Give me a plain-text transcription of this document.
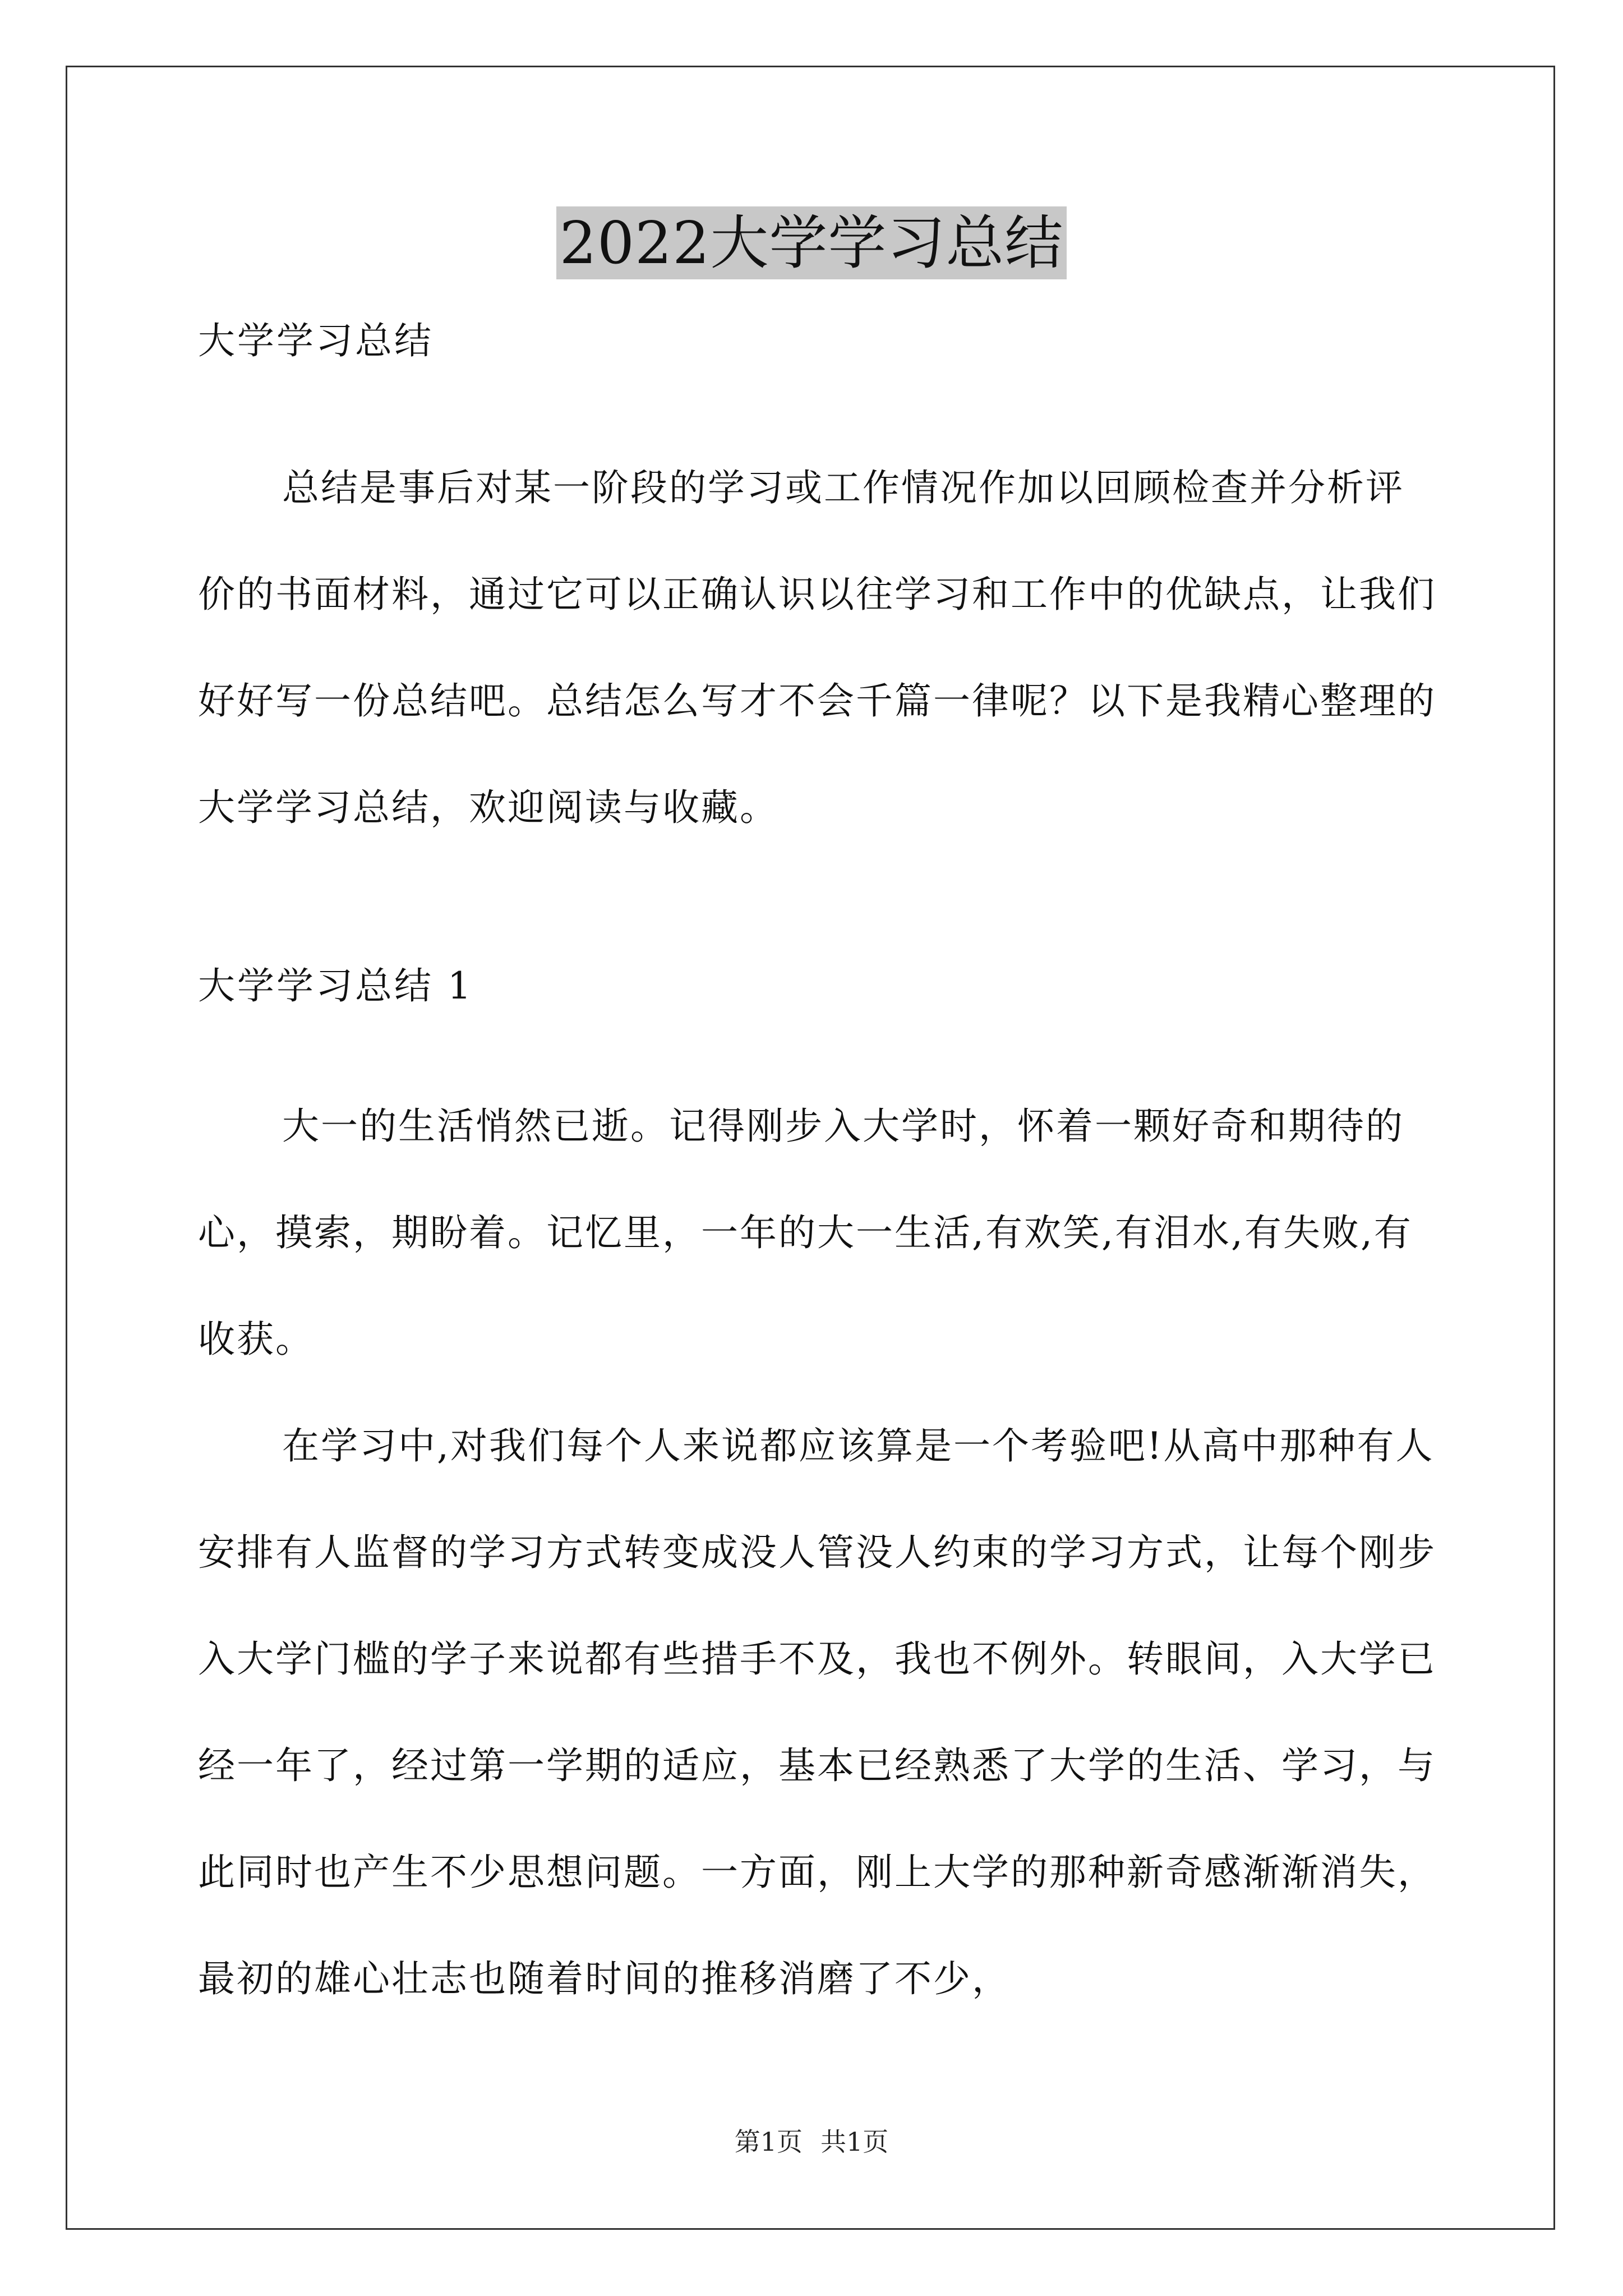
2022大学学习总结
大学学习总结

总结是事后对某一阶段的学习或工作情况作加以回顾检查并分析评价的书面材料，通过它可以正确认识以往学习和工作中的优缺点，让我们好好写一份总结吧。总结怎么写才不会千篇一律呢？以下是我精心整理的大学学习总结，欢迎阅读与收藏。

大学学习总结 1

大一的生活悄然已逝。记得刚步入大学时，怀着一颗好奇和期待的心，摸索，期盼着。记忆里，一年的大一生活,有欢笑,有泪水,有失败,有收获。

在学习中,对我们每个人来说都应该算是一个考验吧!从高中那种有人安排有人监督的学习方式转变成没人管没人约束的学习方式，让每个刚步入大学门槛的学子来说都有些措手不及，我也不例外。转眼间，入大学已经一年了，经过第一学期的适应，基本已经熟悉了大学的生活、学习，与此同时也产生不少思想问题。一方面，刚上大学的那种新奇感渐渐消失，最初的雄心壮志也随着时间的推移消磨了不少，

第1页 共1页
